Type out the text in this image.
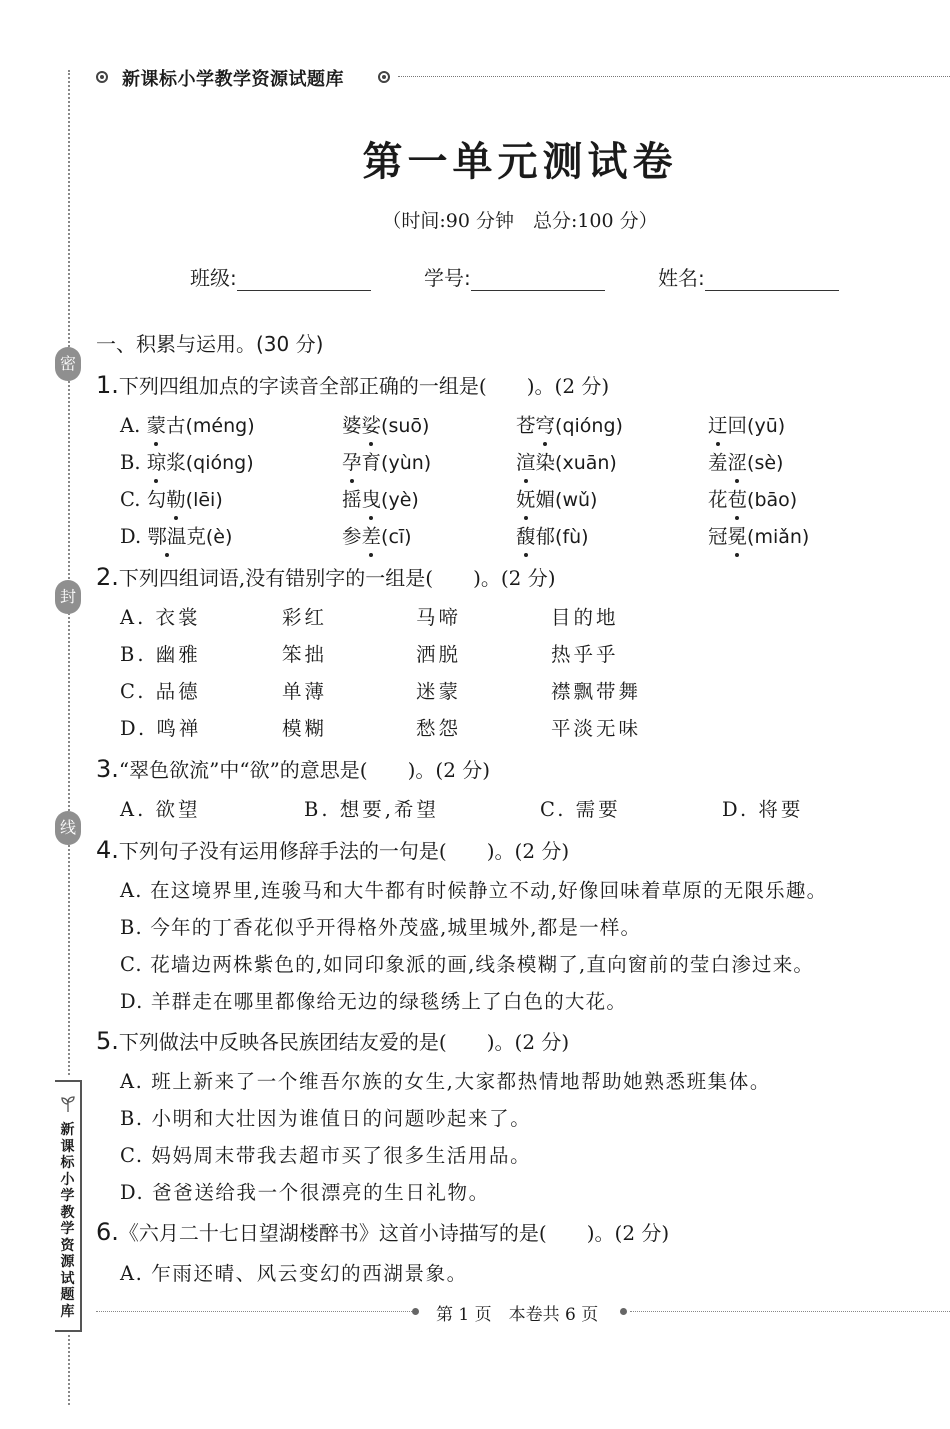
新课标小学教学资源试题库
密
封
线
新课标小学教学资源试题库
第一单元测试卷
（时间:90 分钟　总分:100 分）
班级:	学号:	姓名:
一、积累与运用。(30 分)
1.下列四组加点的字读音全部正确的一组是(　　)。(2 分)
A. 蒙古(méng)	婆娑(suō)	苍穹(qióng)	迂回(yū)
B. 琼浆(qióng)	孕育(yùn)	渲染(xuān)	羞涩(sè)
C. 勾勒(lēi)	摇曳(yè)	妩媚(wǔ)	花苞(bāo)
D. 鄂温克(è)	参差(cī)	馥郁(fù)	冠冕(miǎn)
2.下列四组词语,没有错别字的一组是(　　)。(2 分)
A. 衣裳	彩红	马啼	目的地
B. 幽雅	笨拙	洒脱	热乎乎
C. 品德	单薄	迷蒙	襟飘带舞
D. 鸣禅	模糊	愁怨	平淡无味
3.“翠色欲流”中“欲”的意思是(　　)。(2 分)
A. 欲望	B. 想要,希望	C. 需要	D. 将要
4.下列句子没有运用修辞手法的一句是(　　)。(2 分)
A. 在这境界里,连骏马和大牛都有时候静立不动,好像回味着草原的无限乐趣。
B. 今年的丁香花似乎开得格外茂盛,城里城外,都是一样。
C. 花墙边两株紫色的,如同印象派的画,线条模糊了,直向窗前的莹白渗过来。
D. 羊群走在哪里都像给无边的绿毯绣上了白色的大花。
5.下列做法中反映各民族团结友爱的是(　　)。(2 分)
A. 班上新来了一个维吾尔族的女生,大家都热情地帮助她熟悉班集体。
B. 小明和大壮因为谁值日的问题吵起来了。
C. 妈妈周末带我去超市买了很多生活用品。
D. 爸爸送给我一个很漂亮的生日礼物。
6.《六月二十七日望湖楼醉书》这首小诗描写的是(　　)。(2 分)
A. 乍雨还晴、风云变幻的西湖景象。
第 1 页　本卷共 6 页
